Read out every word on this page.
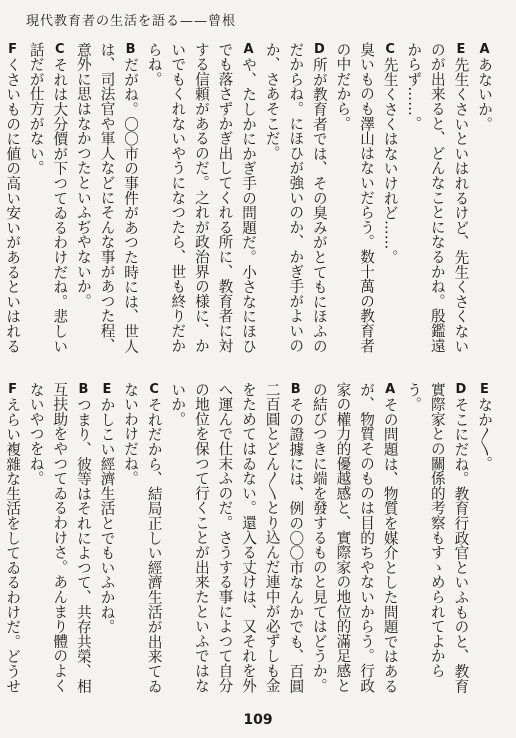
現代教育者の生活を語る——曾根
Aあないか。
E先生くさいといはれるけど、先生くさくないのが出来ると、どんなことになるかね。殷鑑遠からず……。
C先生くさくはないけれど……。
臭いものも澤山はないだらう。数十萬の教育者の中だから。
D所が教育者では、その臭みがとてもにほふのだからね。にほひが強いのか、かぎ手がよいのか、さあそこだ。
Aや、たしかにかぎ手の問題だ。小さなにほひでも落さずかぎ出してくれる所に、教育者に対する信頼があるのだ。之れが政治界の様に、かいでもくれないやうになつたら、世も終りだからね。
Bだがね。〇〇市の事件があつた時には、世人は、司法官や軍人などにそんな事があつた程、意外に思はなかつたといふぢやないか。
Cそれは大分價が下つてゐるわけだね。悲しい話だが仕方がない。
Fくさいものに値の高い安いがあるといはれる
Eなか〳〵。
Dそこにだね。教育行政官といふものと、教育實際家との關係的考察もすゝめられてよからう。
Aその問題は、物質を媒介とした問題ではあるが、物質そのものは目的ちやないからう。行政家の權力的優越感と、實際家の地位的滿足感との結びつきに端を發するものと見てはどうか。
Bその證據には、例の〇〇市なんかでも、百圓二百圓とどん〳〵とり込んだ連中が必ずしも金をためてはゐない。還入る丈けは、又それを外へ運んで仕末ふのだ。さうする事によつて自分の地位を保つて行くことが出来たといふではないか。
Cそれだから、結局正しい經濟生活が出来てゐないわけだね。
Eかしこい經濟生活とでもいふかね。
Bつまり、彼等はそれによつて、共存共榮、相互扶助をやつてゐるわけさ。あんまり體のよくないやつをね。
Fえらい複雜な生活をしてゐるわけだ。どうせ
109
